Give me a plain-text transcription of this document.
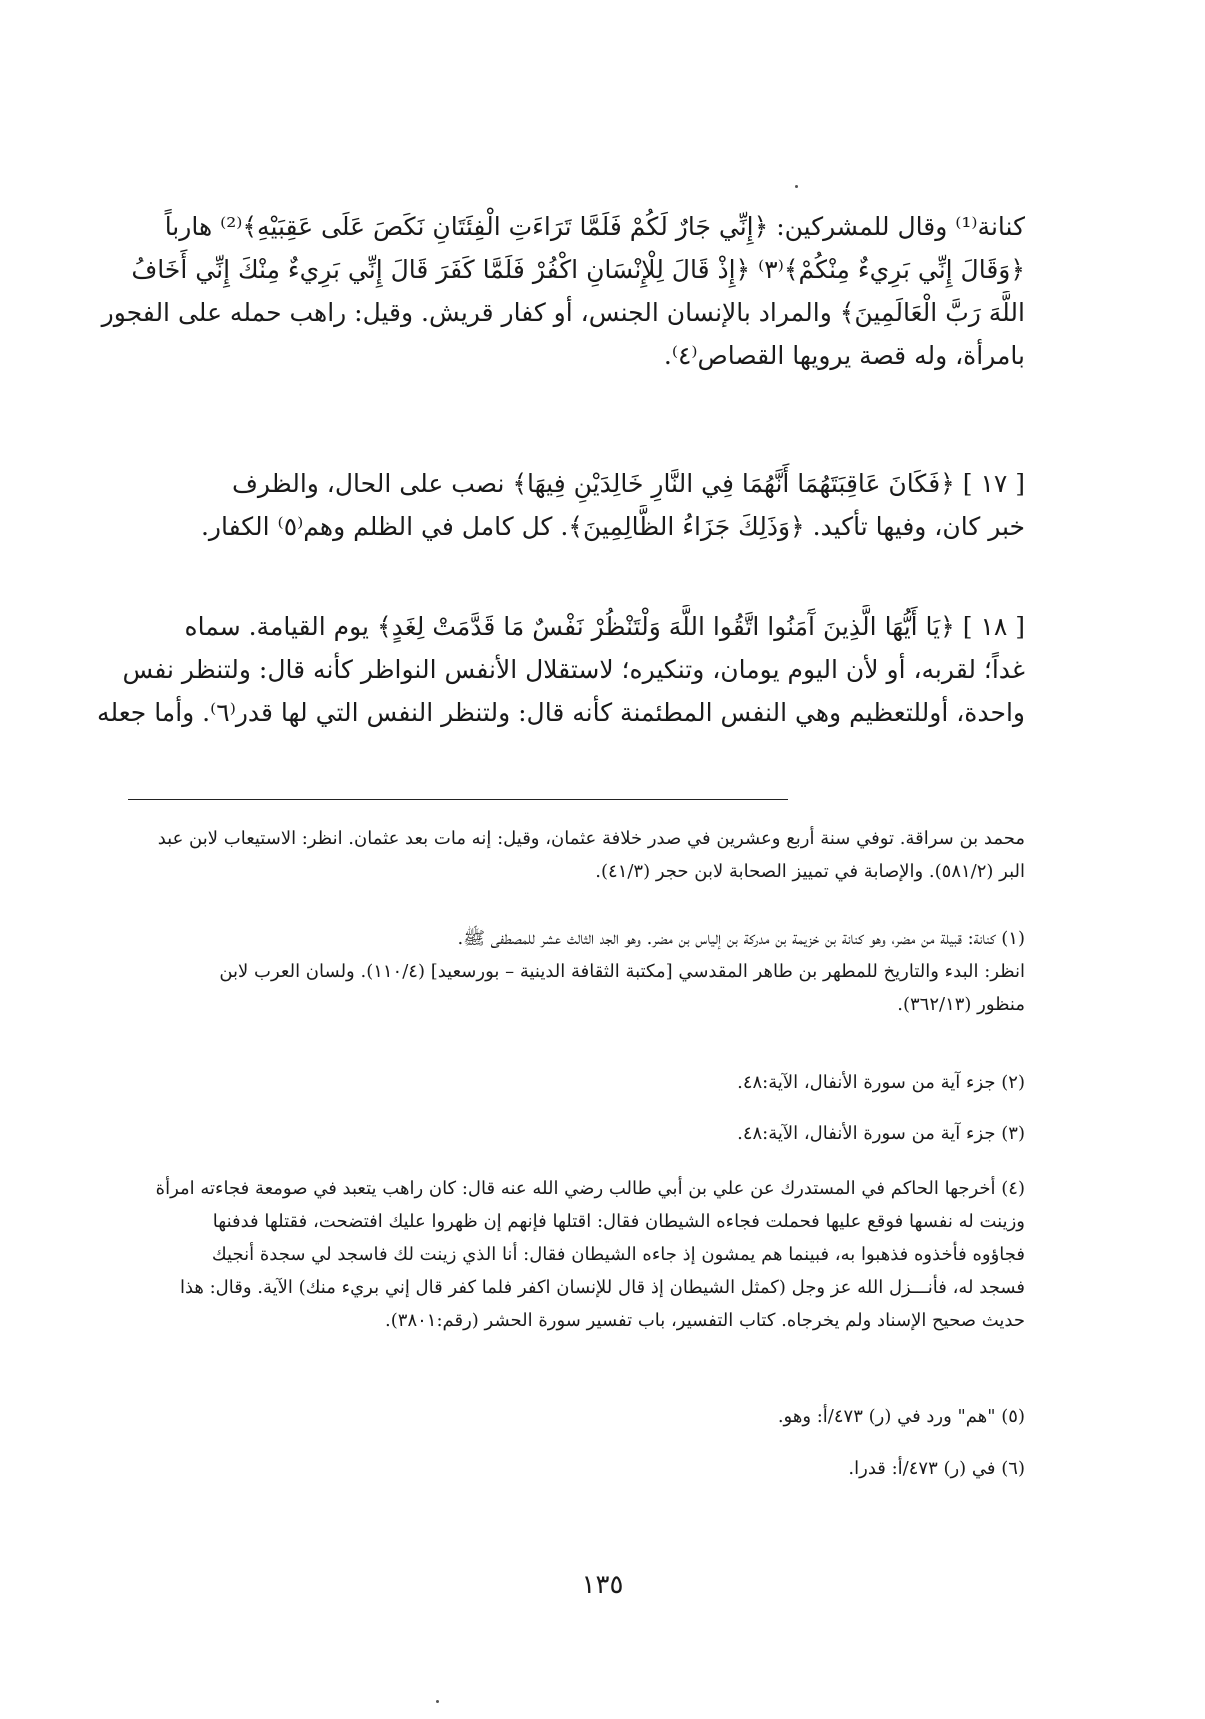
كنانة⁽¹⁾ وقال للمشركين: ﴿إِنِّي جَارٌ لَكُمْ فَلَمَّا تَرَاءَتِ الْفِئَتَانِ نَكَصَ عَلَى عَقِبَيْهِ﴾⁽²⁾ هارباً
﴿وَقَالَ إِنِّي بَرِيءٌ مِنْكُمْ﴾⁽٣⁾ ﴿إِذْ قَالَ لِلْإِنْسَانِ اكْفُرْ فَلَمَّا كَفَرَ قَالَ إِنِّي بَرِيءٌ مِنْكَ إِنِّي أَخَافُ
اللَّهَ رَبَّ الْعَالَمِينَ﴾ والمراد بالإنسان الجنس، أو كفار قريش. وقيل: راهب حمله على الفجور
بامرأة، وله قصة يرويها القصاص⁽٤⁾.
[ ١٧ ] ﴿فَكَانَ عَاقِبَتَهُمَا أَنَّهُمَا فِي النَّارِ خَالِدَيْنِ فِيهَا﴾ نصب على الحال، والظرف
خبر كان، وفيها تأكيد. ﴿وَذَلِكَ جَزَاءُ الظَّالِمِينَ﴾. كل كامل في الظلم وهم⁽٥⁾ الكفار.
[ ١٨ ] ﴿يَا أَيُّهَا الَّذِينَ آَمَنُوا اتَّقُوا اللَّهَ وَلْتَنْظُرْ نَفْسٌ مَا قَدَّمَتْ لِغَدٍ﴾ يوم القيامة. سماه
غداً؛ لقربه، أو لأن اليوم يومان، وتنكيره؛ لاستقلال الأنفس النواظر كأنه قال: ولتنظر نفس
واحدة، أوللتعظيم وهي النفس المطئمنة كأنه قال: ولتنظر النفس التي لها قدر⁽٦⁾. وأما جعله
محمد بن سراقة. توفي سنة أربع وعشرين في صدر خلافة عثمان، وقيل: إنه مات بعد عثمان. انظر: الاستيعاب لابن عبد
البر (٥٨١/٢). والإصابة في تمييز الصحابة لابن حجر (٤١/٣).
(١) كنانة: قبيلة من مضر، وهو كنانة بن خزيمة بن مدركة بن إلياس بن مضر. وهو الجد الثالث عشر للمصطفى ﷺ.
انظر: البدء والتاريخ للمطهر بن طاهر المقدسي [مكتبة الثقافة الدينية – بورسعيد] (١١٠/٤). ولسان العرب لابن
منظور (٣٦٢/١٣).
(٢) جزء آية من سورة الأنفال، الآية:٤٨.
(٣) جزء آية من سورة الأنفال، الآية:٤٨.
(٤) أخرجها الحاكم في المستدرك عن علي بن أبي طالب رضي الله عنه قال: كان راهب يتعبد في صومعة فجاءته امرأة
وزينت له نفسها فوقع عليها فحملت فجاءه الشيطان فقال: اقتلها فإنهم إن ظهروا عليك افتضحت، فقتلها فدفنها
فجاؤوه فأخذوه فذهبوا به، فبينما هم يمشون إذ جاءه الشيطان فقال: أنا الذي زينت لك فاسجد لي سجدة أنجيك
فسجد له، فأنـــزل الله عز وجل (كمثل الشيطان إذ قال للإنسان اكفر فلما كفر قال إني بريء منك) الآية. وقال: هذا
حديث صحيح الإسناد ولم يخرجاه. كتاب التفسير، باب تفسير سورة الحشر (رقم:٣٨٠١).
(٥) "هم" ورد في (ر) ٤٧٣/أ: وهو.
(٦) في (ر) ٤٧٣/أ: قدرا.
١٣٥
